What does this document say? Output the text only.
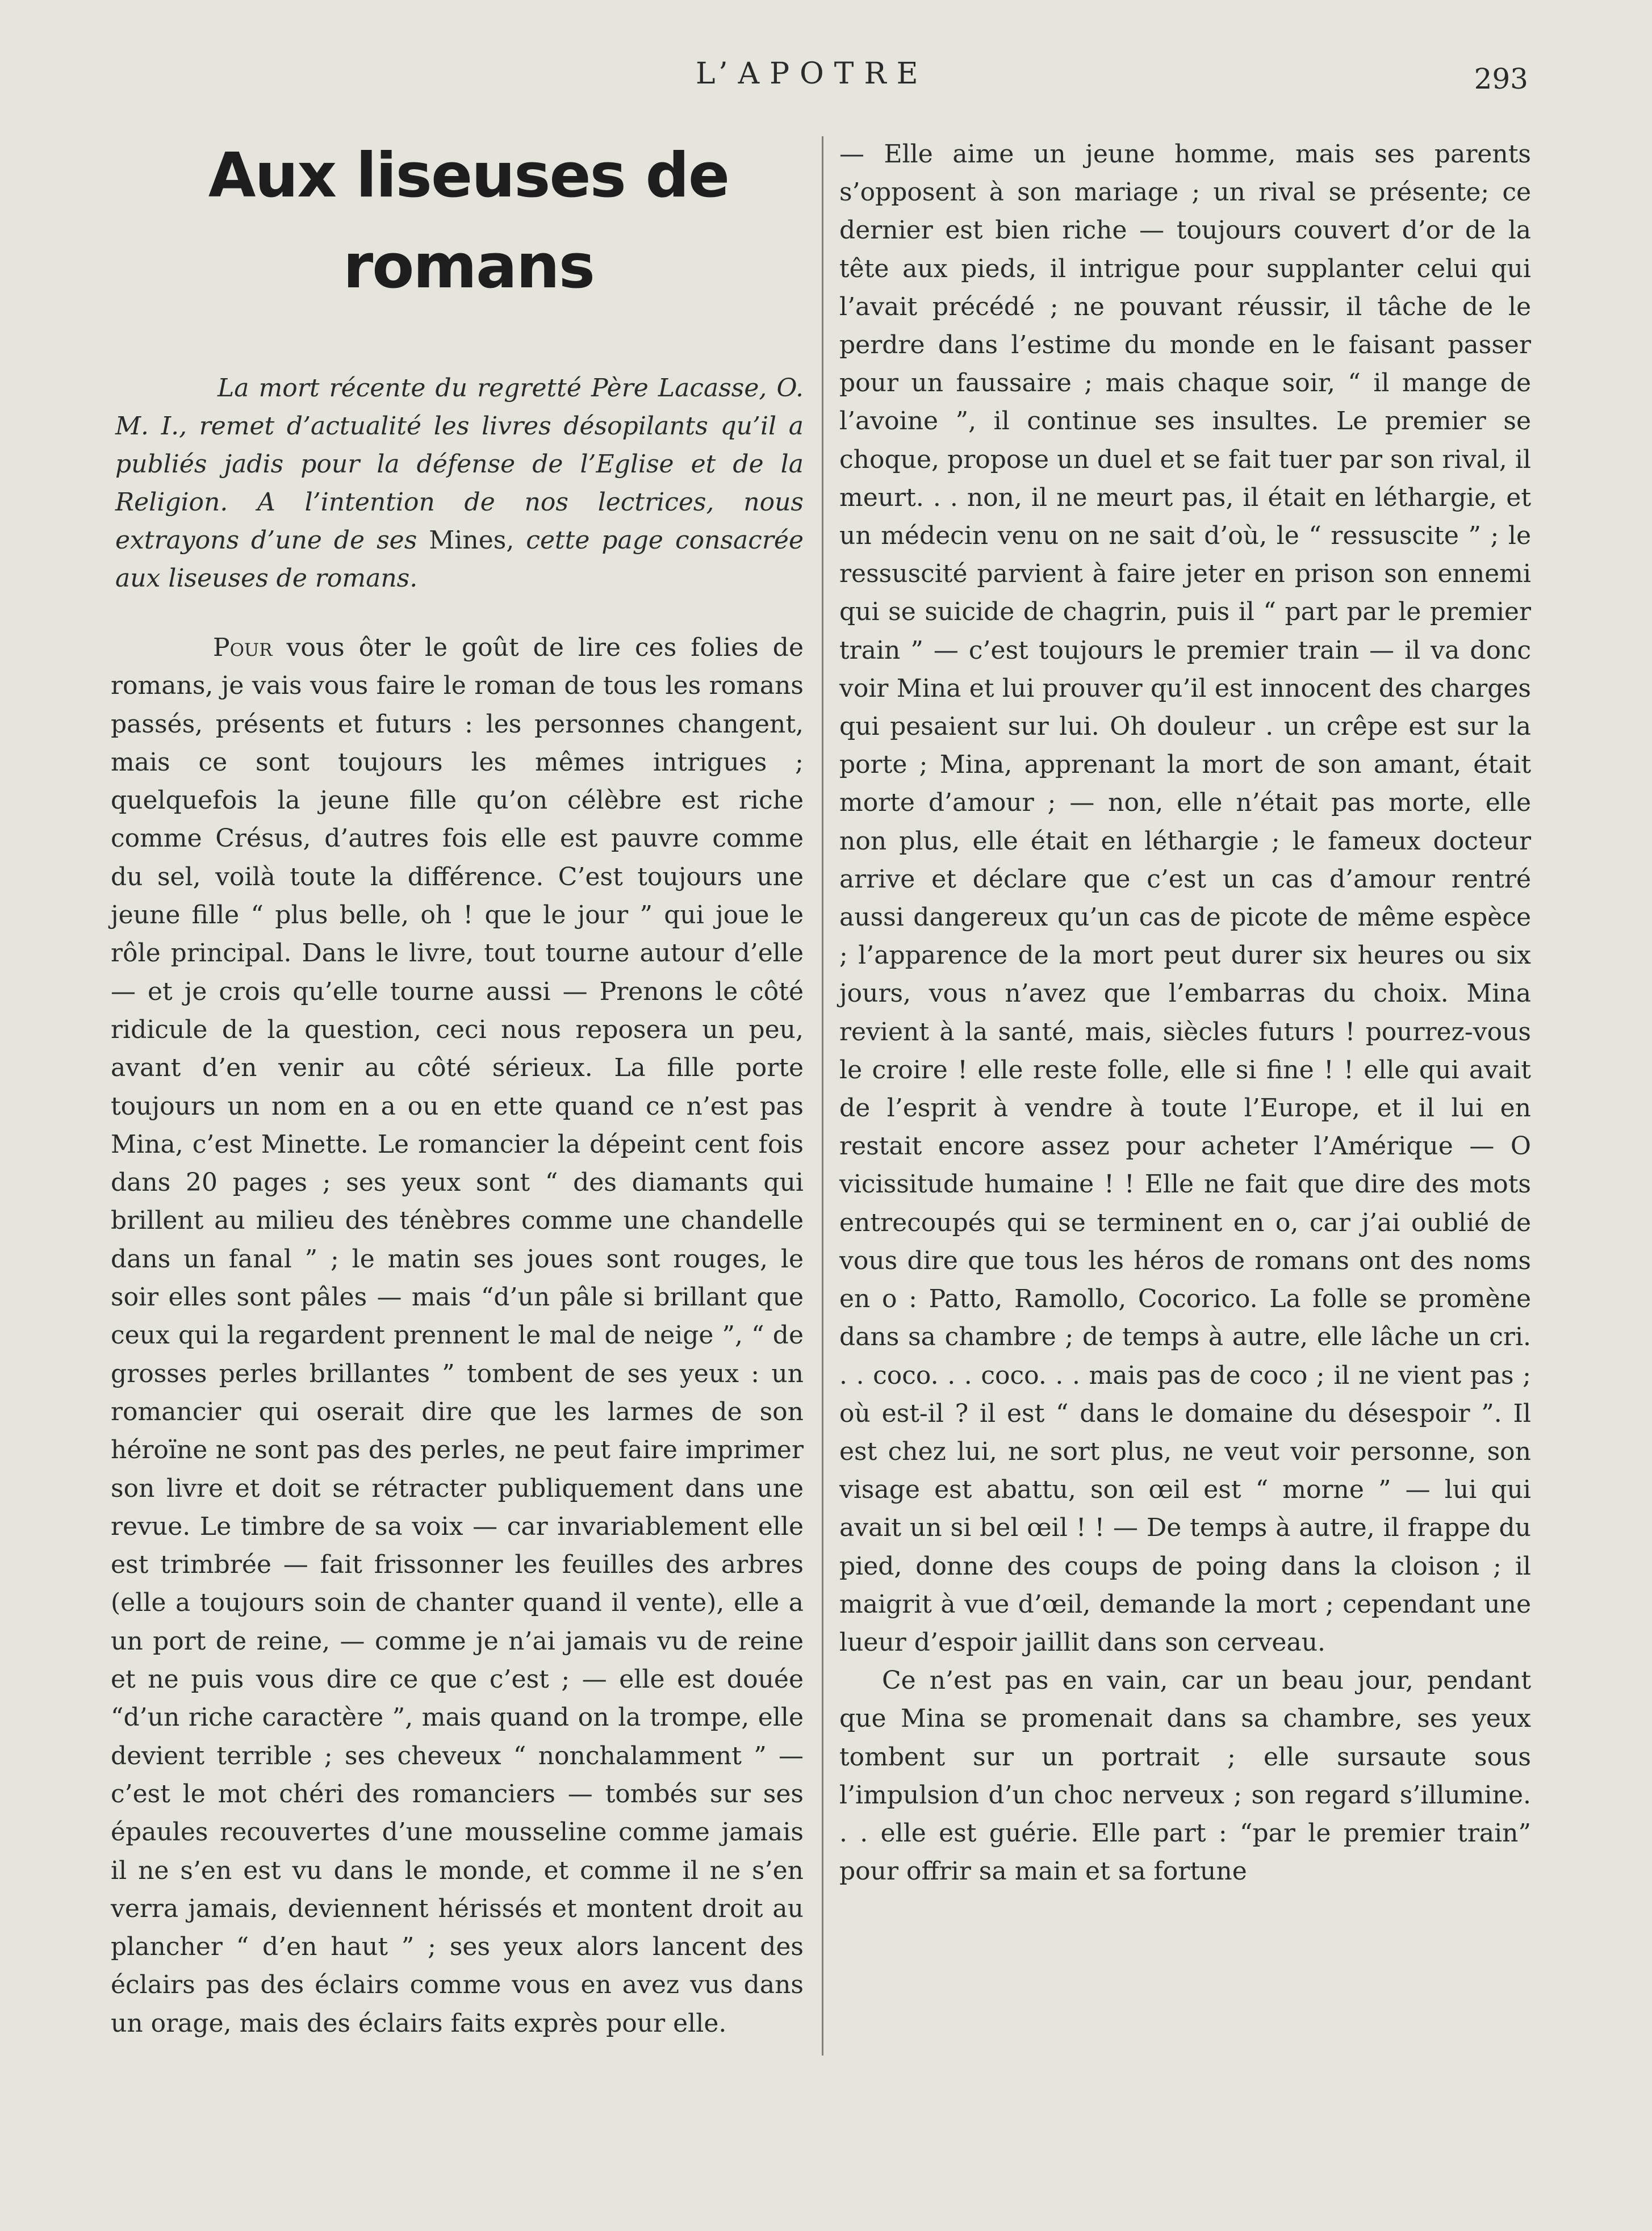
L’APOTRE	293
Aux liseuses de romans

La mort récente du regretté Père Lacasse, O. M. I., remet d’actualité les livres désopilants qu’il a publiés jadis pour la défense de l’Eglise et de la Religion. A l’intention de nos lectrices, nous extrayons d’une de ses Mines, cette page consacrée aux liseuses de romans.

Pour vous ôter le goût de lire ces folies de romans, je vais vous faire le roman de tous les romans passés, présents et futurs : les personnes changent, mais ce sont toujours les mêmes intrigues ; quelquefois la jeune fille qu’on célèbre est riche comme Crésus, d’autres fois elle est pauvre comme du sel, voilà toute la différence. C’est toujours une jeune fille “ plus belle, oh ! que le jour ” qui joue le rôle principal. Dans le livre, tout tourne autour d’elle — et je crois qu’elle tourne aussi — Prenons le côté ridicule de la question, ceci nous reposera un peu, avant d’en venir au côté sérieux. La fille porte toujours un nom en a ou en ette quand ce n’est pas Mina, c’est Minette. Le romancier la dépeint cent fois dans 20 pages ; ses yeux sont “ des diamants qui brillent au milieu des ténèbres comme une chandelle dans un fanal ” ; le matin ses joues sont rouges, le soir elles sont pâles — mais “d’un pâle si brillant que ceux qui la regardent prennent le mal de neige ”, “ de grosses perles brillantes ” tombent de ses yeux : un romancier qui oserait dire que les larmes de son héroïne ne sont pas des perles, ne peut faire imprimer son livre et doit se rétracter publiquement dans une revue. Le timbre de sa voix — car invariablement elle est trimbrée — fait frissonner les feuilles des arbres (elle a toujours soin de chanter quand il vente), elle a un port de reine, — comme je n’ai jamais vu de reine et ne puis vous dire ce que c’est ; — elle est douée “d’un riche caractère ”, mais quand on la trompe, elle devient terrible ; ses cheveux “ nonchalamment ” — c’est le mot chéri des romanciers — tombés sur ses épaules recouvertes d’une mousseline comme jamais il ne s’en est vu dans le monde, et comme il ne s’en verra jamais, deviennent hérissés et montent droit au plancher “ d’en haut ” ; ses yeux alors lancent des éclairs pas des éclairs comme vous en avez vus dans un orage, mais des éclairs faits exprès pour elle.

— Elle aime un jeune homme, mais ses parents s’opposent à son mariage ; un rival se présente; ce dernier est bien riche — toujours couvert d’or de la tête aux pieds, il intrigue pour supplanter celui qui l’avait précédé ; ne pouvant réussir, il tâche de le perdre dans l’estime du monde en le faisant passer pour un faussaire ; mais chaque soir, “ il mange de l’avoine ”, il continue ses insultes. Le premier se choque, propose un duel et se fait tuer par son rival, il meurt. . . non, il ne meurt pas, il était en léthargie, et un médecin venu on ne sait d’où, le “ ressuscite ” ; le ressuscité parvient à faire jeter en prison son ennemi qui se suicide de chagrin, puis il “ part par le premier train ” — c’est toujours le premier train — il va donc voir Mina et lui prouver qu’il est innocent des charges qui pesaient sur lui. Oh douleur . un crêpe est sur la porte ; Mina, apprenant la mort de son amant, était morte d’amour ; — non, elle n’était pas morte, elle non plus, elle était en léthargie ; le fameux docteur arrive et déclare que c’est un cas d’amour rentré aussi dangereux qu’un cas de picote de même espèce ; l’apparence de la mort peut durer six heures ou six jours, vous n’avez que l’embarras du choix. Mina revient à la santé, mais, siècles futurs ! pourrez-vous le croire ! elle reste folle, elle si fine ! ! elle qui avait de l’esprit à vendre à toute l’Europe, et il lui en restait encore assez pour acheter l’Amérique — O vicissitude humaine ! ! Elle ne fait que dire des mots entrecoupés qui se terminent en o, car j’ai oublié de vous dire que tous les héros de romans ont des noms en o : Patto, Ramollo, Cocorico. La folle se promène dans sa chambre ; de temps à autre, elle lâche un cri. . . coco. . . coco. . . mais pas de coco ; il ne vient pas ; où est-il ? il est “ dans le domaine du désespoir ”. Il est chez lui, ne sort plus, ne veut voir personne, son visage est abattu, son œil est “ morne ” — lui qui avait un si bel œil ! ! — De temps à autre, il frappe du pied, donne des coups de poing dans la cloison ; il maigrit à vue d’œil, demande la mort ; cependant une lueur d’espoir jaillit dans son cerveau.

Ce n’est pas en vain, car un beau jour, pendant que Mina se promenait dans sa chambre, ses yeux tombent sur un portrait ; elle sursaute sous l’impulsion d’un choc nerveux ; son regard s’illumine. . . elle est guérie. Elle part : “par le premier train” pour offrir sa main et sa fortune
